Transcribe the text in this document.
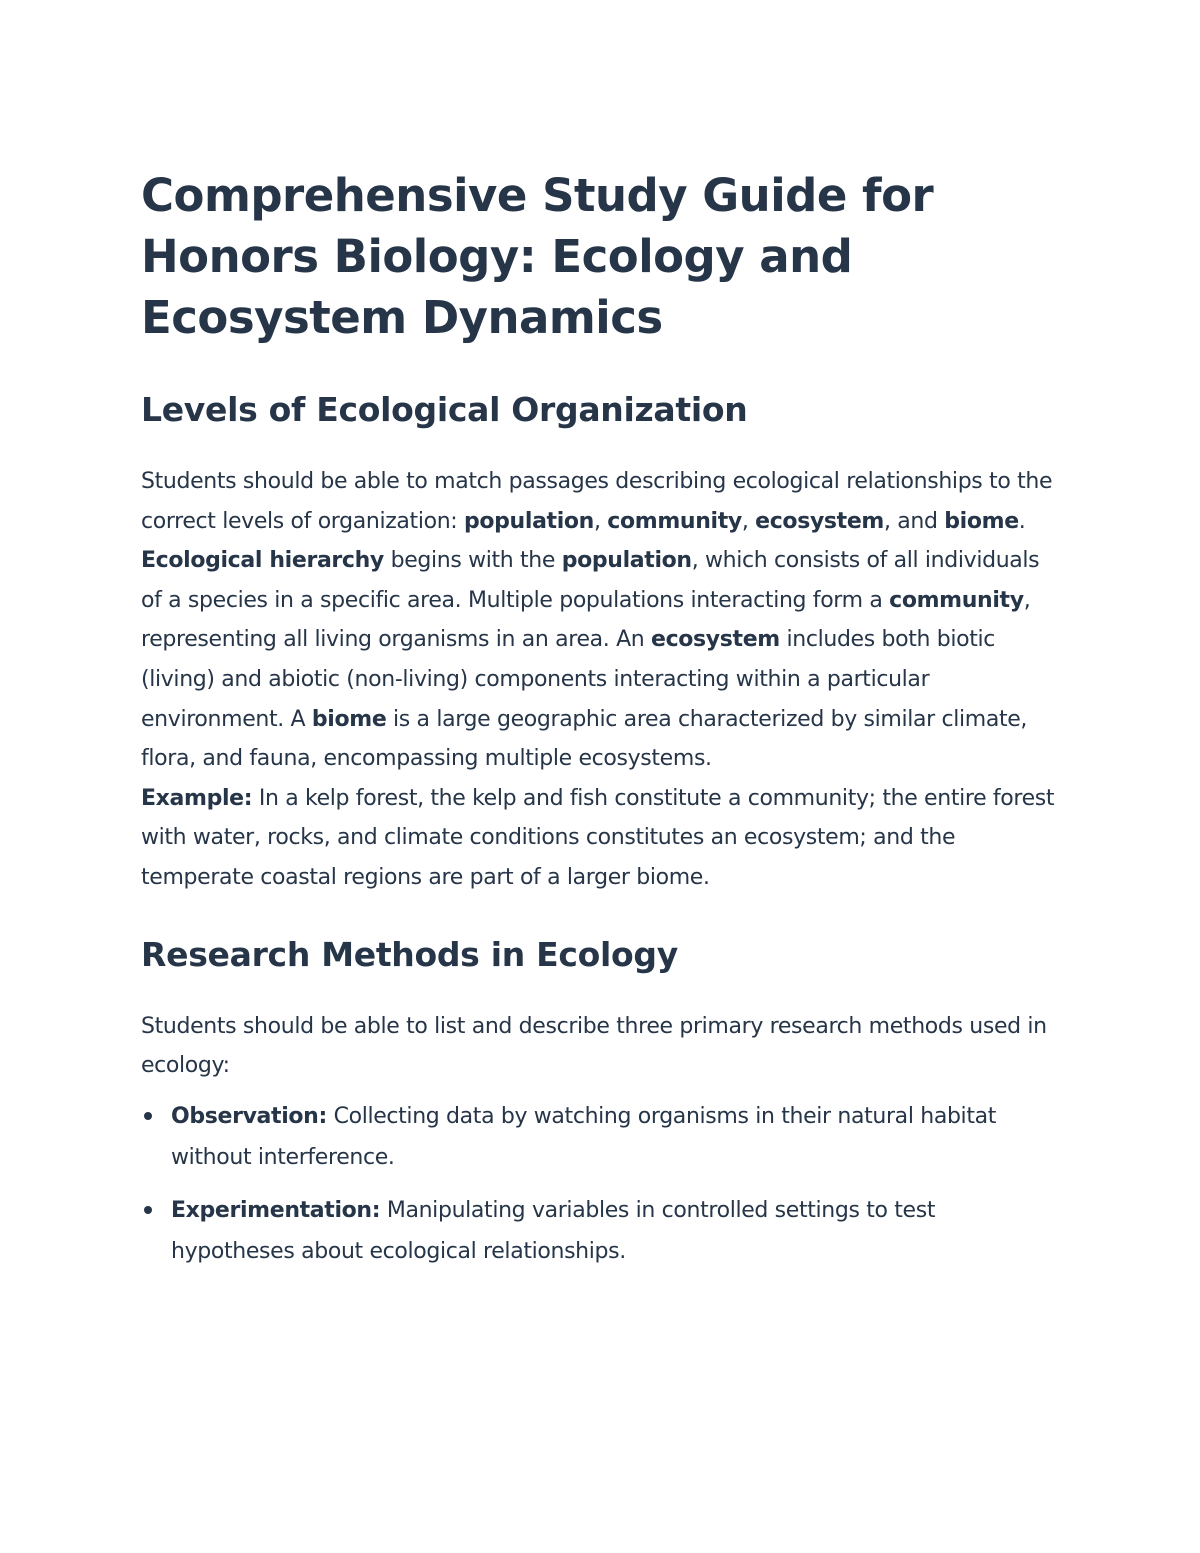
Comprehensive Study Guide for Honors Biology: Ecology and Ecosystem Dynamics
Levels of Ecological Organization

Students should be able to match passages describing ecological relationships to the correct levels of organization: population, community, ecosystem, and biome.

Ecological hierarchy begins with the population, which consists of all individuals of a species in a specific area. Multiple populations interacting form a community, representing all living organisms in an area. An ecosystem includes both biotic (living) and abiotic (non-living) components interacting within a particular environment. A biome is a large geographic area characterized by similar climate, flora, and fauna, encompassing multiple ecosystems.

Example: In a kelp forest, the kelp and fish constitute a community; the entire forest with water, rocks, and climate conditions constitutes an ecosystem; and the temperate coastal regions are part of a larger biome.

Research Methods in Ecology

Students should be able to list and describe three primary research methods used in ecology:

Observation: Collecting data by watching organisms in their natural habitat without interference.
Experimentation: Manipulating variables in controlled settings to test hypotheses about ecological relationships.
